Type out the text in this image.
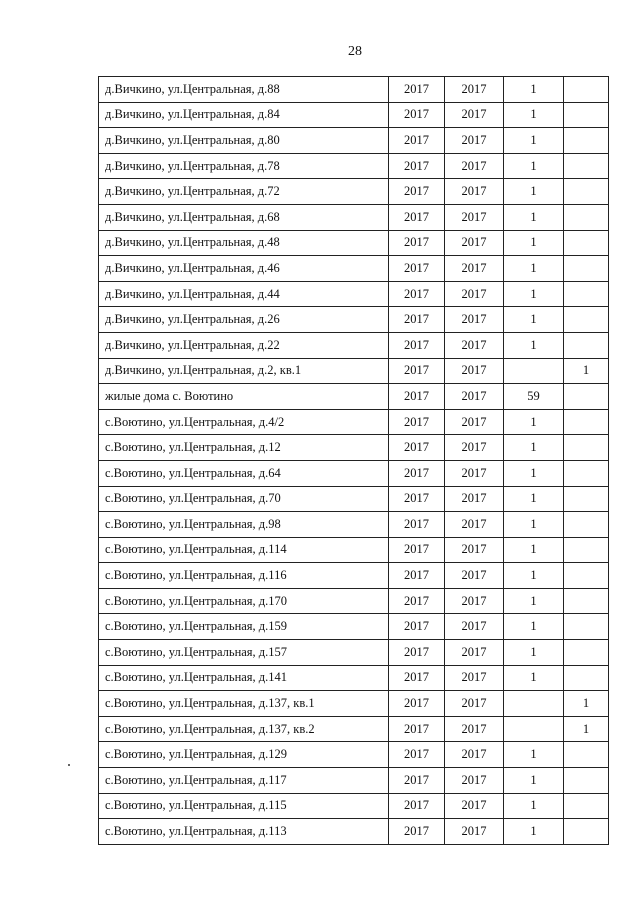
28
д.Вичкино, ул.Центральная, д.88	2017	2017	1	
д.Вичкино, ул.Центральная, д.84	2017	2017	1	
д.Вичкино, ул.Центральная, д.80	2017	2017	1	
д.Вичкино, ул.Центральная, д.78	2017	2017	1	
д.Вичкино, ул.Центральная, д.72	2017	2017	1	
д.Вичкино, ул.Центральная, д.68	2017	2017	1	
д.Вичкино, ул.Центральная, д.48	2017	2017	1	
д.Вичкино, ул.Центральная, д.46	2017	2017	1	
д.Вичкино, ул.Центральная, д.44	2017	2017	1	
д.Вичкино, ул.Центральная, д.26	2017	2017	1	
д.Вичкино, ул.Центральная, д.22	2017	2017	1	
д.Вичкино, ул.Центральная, д.2, кв.1	2017	2017		1
жилые дома с. Воютино	2017	2017	59	
с.Воютино, ул.Центральная, д.4/2	2017	2017	1	
с.Воютино, ул.Центральная, д.12	2017	2017	1	
с.Воютино, ул.Центральная, д.64	2017	2017	1	
с.Воютино, ул.Центральная, д.70	2017	2017	1	
с.Воютино, ул.Центральная, д.98	2017	2017	1	
с.Воютино, ул.Центральная, д.114	2017	2017	1	
с.Воютино, ул.Центральная, д.116	2017	2017	1	
с.Воютино, ул.Центральная, д.170	2017	2017	1	
с.Воютино, ул.Центральная, д.159	2017	2017	1	
с.Воютино, ул.Центральная, д.157	2017	2017	1	
с.Воютино, ул.Центральная, д.141	2017	2017	1	
с.Воютино, ул.Центральная, д.137, кв.1	2017	2017		1
с.Воютино, ул.Центральная, д.137, кв.2	2017	2017		1
с.Воютино, ул.Центральная, д.129	2017	2017	1	
с.Воютино, ул.Центральная, д.117	2017	2017	1	
с.Воютино, ул.Центральная, д.115	2017	2017	1	
с.Воютино, ул.Центральная, д.113	2017	2017	1	
